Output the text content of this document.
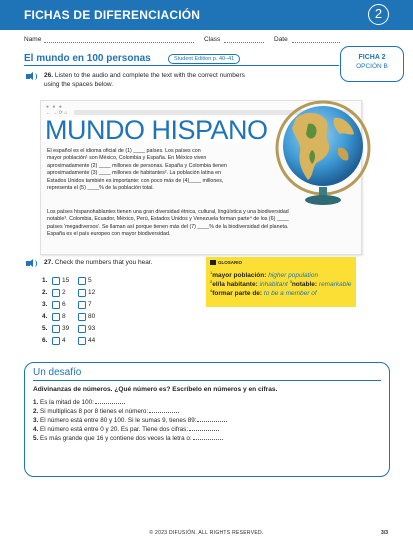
FICHAS DE DIFERENCIACIÓN	2
Name	Class	Date
El mundo en 100 personas	Student Edition p. 40–41	FICHA 2
OPCIÓN B
26. Listen to the audio and complete the text with the correct numbers
using the spaces below.
● ● ●
← → ⟳ ⌂
MUNDO HISPANO
El español es el idioma oficial de (1) ____ países. Los países con
mayor población¹ son México, Colombia y España. En México viven
aproximadamente (2) ____ millones de personas. España y Colombia tienen
aproximadamente (3) ____ millones de habitantes². La población latina en
Estados Unidos también es importante: con poco más de (4)____ millones,
representa el (5) ____% de la población total.
Los países hispanohablantes tienen una gran diversidad étnica, cultural, lingüística y una biodiversidad
notable³. Colombia, Ecuador, México, Perú, Estados Unidos y Venezuela forman parte⁴ de los (6) ____
países 'megadiversos'. Se llaman así porque tienen más del (7) ____% de la biodiversidad del planeta.
España es el país europeo con mayor biodiversidad.
27. Check the numbers that you hear.
1. 15	5
2. 2	12
3. 6	7
4. 8	80
5. 39	93
6. 4	44
GLOSARIO
$^1$mayor población: higher population
$^2$el/la habitante: inhabitant $^3$notable: remarkable
$^4$formar parte de: to be a member of
Un desafío
Adivinanzas de números. ¿Qué número es? Escríbelo en números y en cifras.
1. Es la mitad de 100:
2. Si multiplicas 8 por 8 tienes el número:
3. El número está entre 80 y 100. Si le sumas 9, tienes 89:
4. El número está entre 0 y 20. Es par. Tiene dos cifras:
5. Es más grande que 16 y contiene dos veces la letra o:
© 2023 DIFUSIÓN. ALL RIGHTS RESERVED.	3/3
